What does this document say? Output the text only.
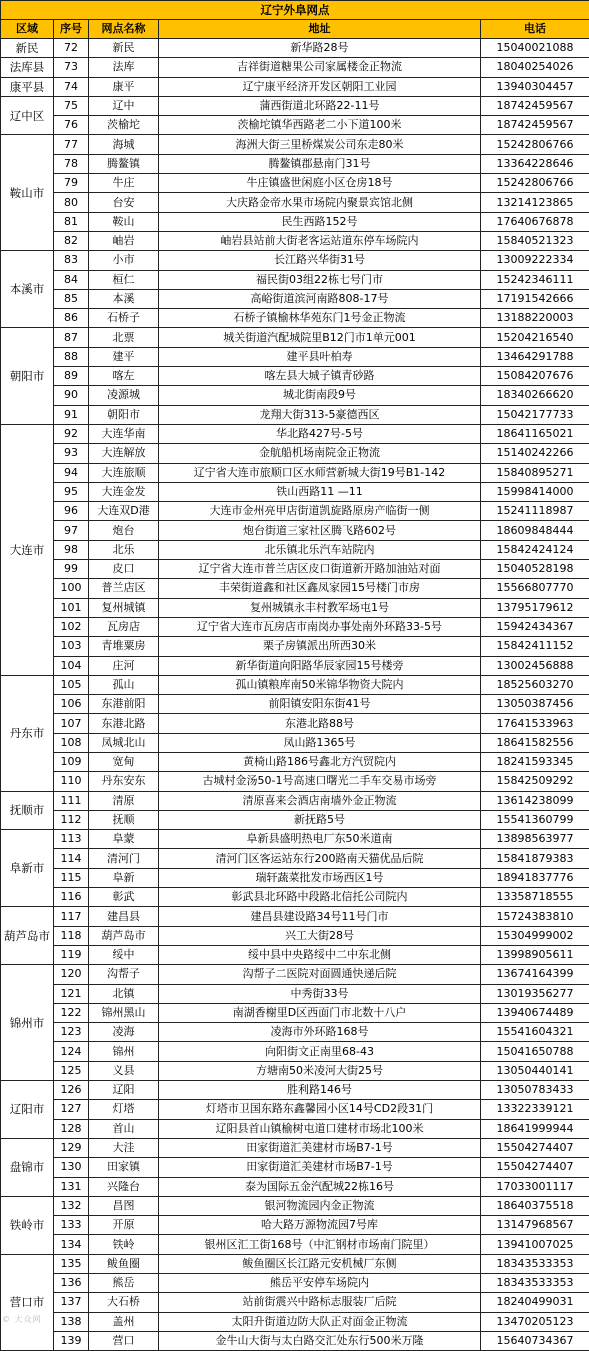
辽宁外阜网点				
区域	序号	网点名称	地址	电话
新民	72	新民	新华路28号	15040021088
法库县	73	法库	吉祥街道糖果公司家属楼金正物流	18040254026
康平县	74	康平	辽宁康平经济开发区朝阳工业园	13940304457
辽中区	75	辽中	蒲西街道北环路22-11号	18742459567
	76	茨榆坨	茨榆坨镇华西路老二小下道100米	18742459567
鞍山市	77	海城	海洲大街三里桥煤炭公司东走80米	15242806766
	78	腾鳌镇	腾鳌镇郡悬南门31号	13364228646
	79	牛庄	牛庄镇盛世闲庭小区仓房18号	15242806766
	80	台安	大庆路金帝水果市场院内聚景宾馆北侧	13214123865
	81	鞍山	民生西路152号	17640676878
	82	岫岩	岫岩县站前大街老客运站道东停车场院内	15840521323
本溪市	83	小市	长江路兴华街31号	13009222334
	84	桓仁	福民街03组22栋七号门市	15242346111
	85	本溪	高峪街道滨河南路808-17号	17191542666
	86	石桥子	石桥子镇榆林华苑东门1号金正物流	13188220003
朝阳市	87	北票	城关街道汽配城院里B12门市1单元001	15204216540
	88	建平	建平县叶柏寿	13464291788
	89	喀左	喀左县大城子镇青砂路	15084207676
	90	凌源城	城北街南段9号	18340266620
	91	朝阳市	龙翔大街313-5豪德西区	15042177733
大连市	92	大连华南	华北路427号-5号	18641165021
	93	大连解放	金航船机场南院金正物流	15140242266
	94	大连旅顺	辽宁省大连市旅顺口区水师营新城大街19号B1-142	15840895271
	95	大连金发	铁山西路11 —11	15998414000
	96	大连双D港	大连市金州亮甲店街道凯旋路原房产临街一侧	15241118987
	97	炮台	炮台街道三家社区腾飞路602号	18609848444
	98	北乐	北乐镇北乐汽车站院内	15842424124
	99	皮口	辽宁省大连市普兰店区皮口街道新开路加油站对面	15040528198
	100	普兰店区	丰荣街道鑫和社区鑫凤家园15号楼门市房	15566807770
	101	复州城镇	复州城镇永丰村教军场屯1号	13795179612
	102	瓦房店	辽宁省大连市瓦房店市南岗办事处南外环路33-5号	15942434367
	103	青堆粟房	栗子房镇派出所西30米	15842411152
	104	庄河	新华街道向阳路华辰家园15号楼旁	13002456888
丹东市	105	孤山	孤山镇粮库南50米锦华物资大院内	18525603270
	106	东港前阳	前阳镇安阳东街41号	13050387456
	107	东港北路	东港北路88号	17641533963
	108	凤城北山	凤山路1365号	18641582556
	109	宽甸	黄椅山路186号鑫北方汽贸院内	18241593345
	110	丹东安东	古城村金汤50-1号高速口曙光二手车交易市场旁	15842509292
抚顺市	111	清原	清原喜来会酒店南墙外金正物流	13614238099
	112	抚顺	新抚路5号	15541360799
阜新市	113	阜蒙	阜新县盛明热电厂东50米道南	13898563977
	114	清河门	清河门区客运站东行200路南天猫优品后院	15841879383
	115	阜新	瑞轩蔬菜批发市场西区1号	18941837776
	116	彰武	彰武县北环路中段路北信托公司院内	13358718555
葫芦岛市	117	建昌县	建昌县建设路34号11号门市	15724383810
	118	葫芦岛市	兴工大街28号	15304999002
	119	绥中	绥中县中央路绥中二中东北侧	13998905611
锦州市	120	沟帮子	沟帮子二医院对面圆通快递后院	13674164399
	121	北镇	中秀街33号	13019356277
	122	锦州黑山	南湖香榭里D区西面门市北数十八户	13940674489
	123	凌海	凌海市外环路168号	15541604321
	124	锦州	向阳街文正南里68-43	15041650788
	125	义县	方塘南50米凌河大街25号	13050440141
辽阳市	126	辽阳	胜利路146号	13050783433
	127	灯塔	灯塔市卫国东路东鑫馨园小区14号CD2段31门	13322339121
	128	首山	辽阳县首山镇榆树屯道口建材市场北100米	18641999944
盘锦市	129	大洼	田家街道汇美建材市场B7-1号	15504274407
	130	田家镇	田家街道汇美建材市场B7-1号	15504274407
	131	兴隆台	泰为国际五金汽配城22栋16号	17033001117
铁岭市	132	昌图	银河物流园内金正物流	18640375518
	133	开原	哈大路万源物流园7号库	13147968567
	134	铁岭	银州区汇工街168号（中汇钢材市场南门院里）	13941007025
营口市	135	鲅鱼圈	鲅鱼圈区长江路元安机械厂东侧	18343533353
	136	熊岳	熊岳平安停车场院内	18343533353
	137	大石桥	站前街震兴中路标志服装厂后院	18240499031
	138	盖州	太阳升街道边防大队正对面金正物流	13470205123
	139	营口	金牛山大街与太白路交汇处东行500米万隆	15640734367
© 大众网
